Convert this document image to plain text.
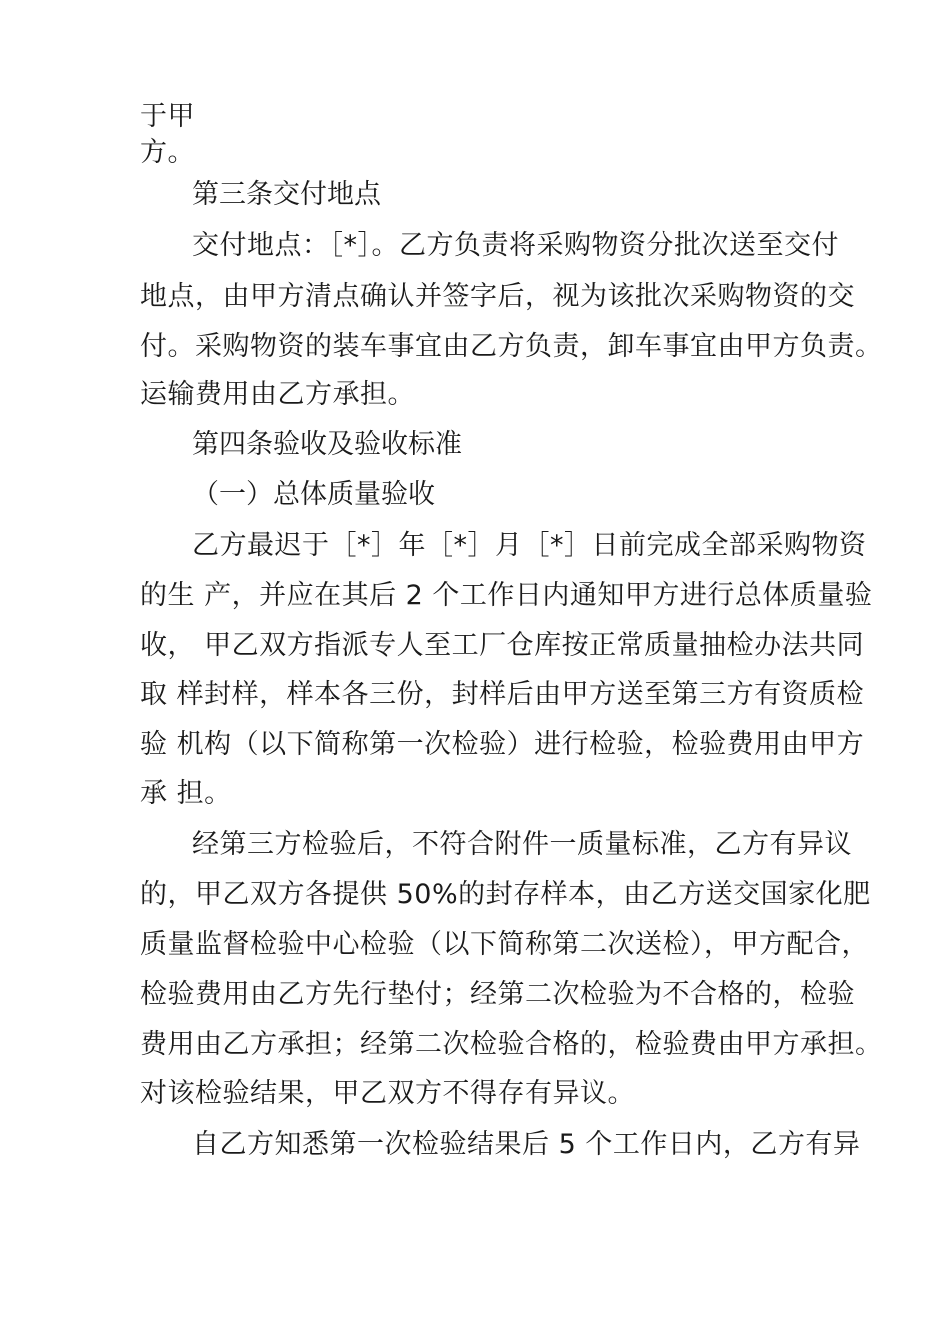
于甲
方。
第三条交付地点
交付地点：［*］。乙方负责将采购物资分批次送至交付
地点，由甲方清点确认并签字后，视为该批次采购物资的交
付。采购物资的装车事宜由乙方负责，卸车事宜由甲方负责。
运输费用由乙方承担。
第四条验收及验收标准
（一）总体质量验收
乙方最迟于［*］年［*］月［*］日前完成全部采购物资
的生 产，并应在其后 2 个工作日内通知甲方进行总体质量验
收， 甲乙双方指派专人至工厂仓库按正常质量抽检办法共同
取 样封样，样本各三份，封样后由甲方送至第三方有资质检
验 机构（以下简称第一次检验）进行检验，检验费用由甲方
承 担。
经第三方检验后，不符合附件一质量标准，乙方有异议
的，甲乙双方各提供 50%的封存样本，由乙方送交国家化肥
质量监督检验中心检验（以下简称第二次送检），甲方配合，
检验费用由乙方先行垫付；经第二次检验为不合格的，检验
费用由乙方承担；经第二次检验合格的，检验费由甲方承担。
对该检验结果，甲乙双方不得存有异议。
自乙方知悉第一次检验结果后 5 个工作日内，乙方有异
